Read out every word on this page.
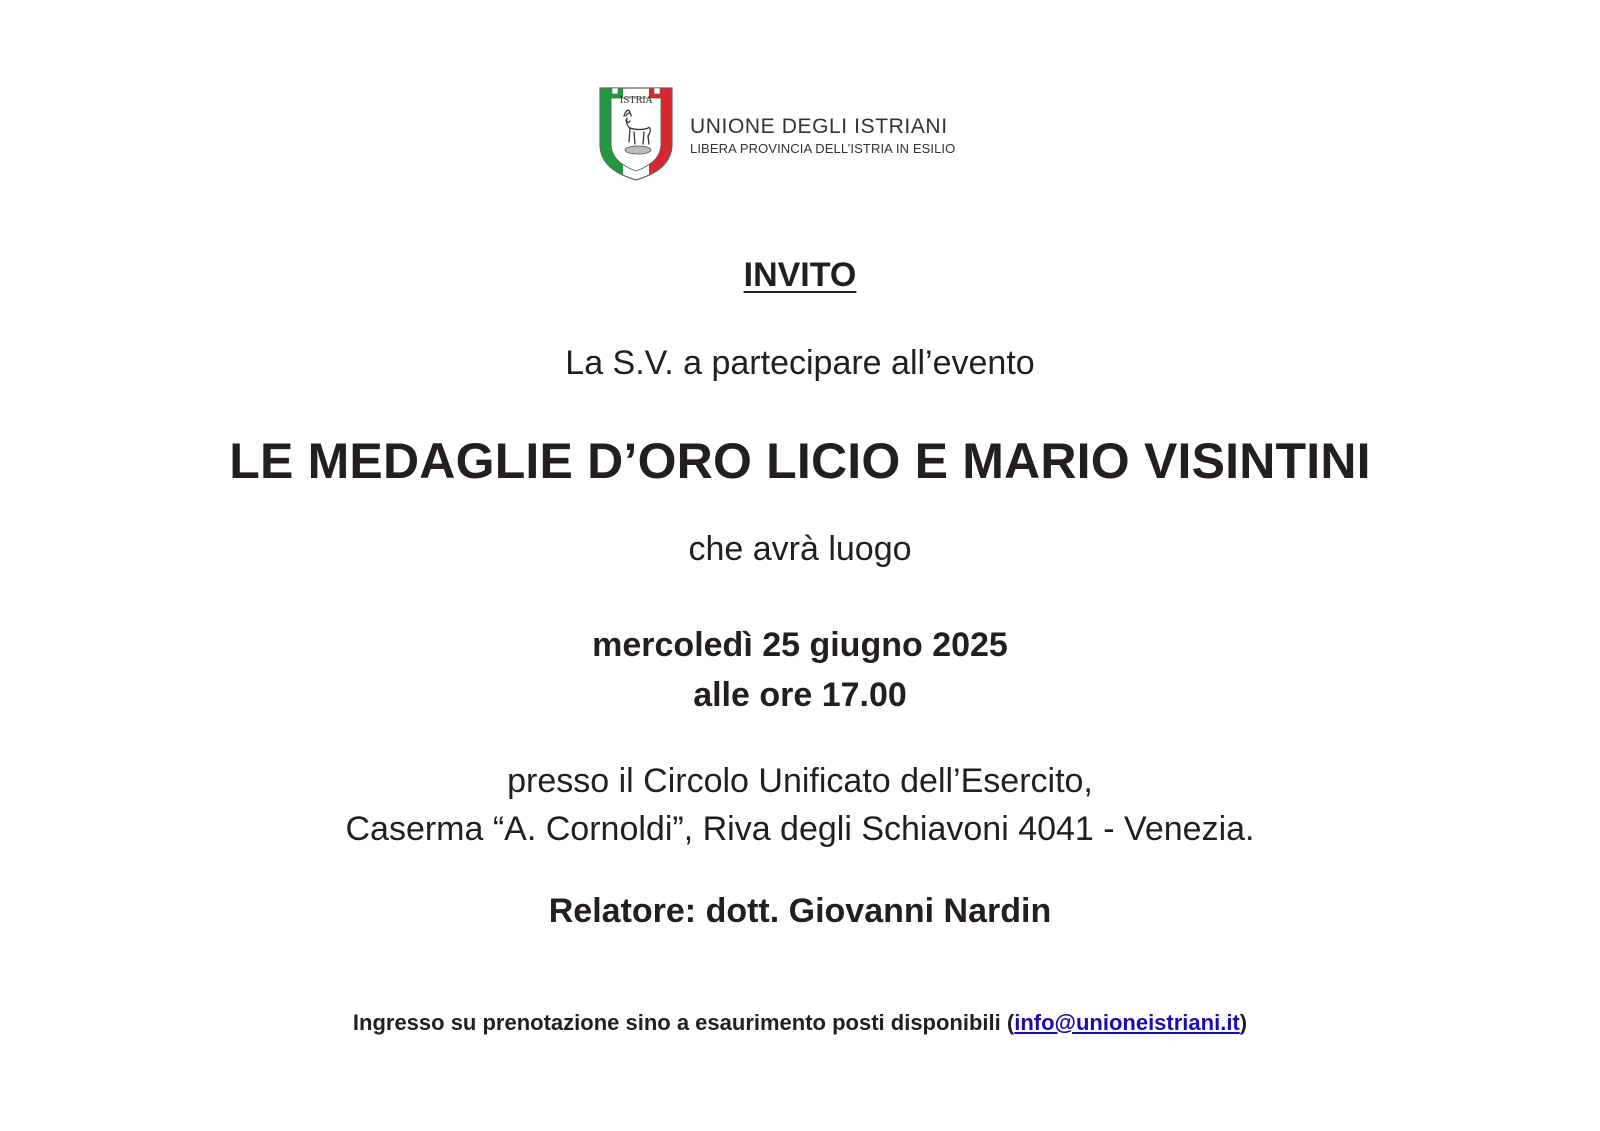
ISTRIA
UNIONE DEGLI ISTRIANI
LIBERA PROVINCIA DELL’ISTRIA IN ESILIO
INVITO
La S.V. a partecipare all’evento
LE MEDAGLIE D’ORO LICIO E MARIO VISINTINI
che avrà luogo
mercoledì 25 giugno 2025
alle ore 17.00
presso il Circolo Unificato dell’Esercito,
Caserma “A. Cornoldi”, Riva degli Schiavoni 4041 - Venezia.
Relatore: dott. Giovanni Nardin
Ingresso su prenotazione sino a esaurimento posti disponibili (info@unioneistriani.it)
